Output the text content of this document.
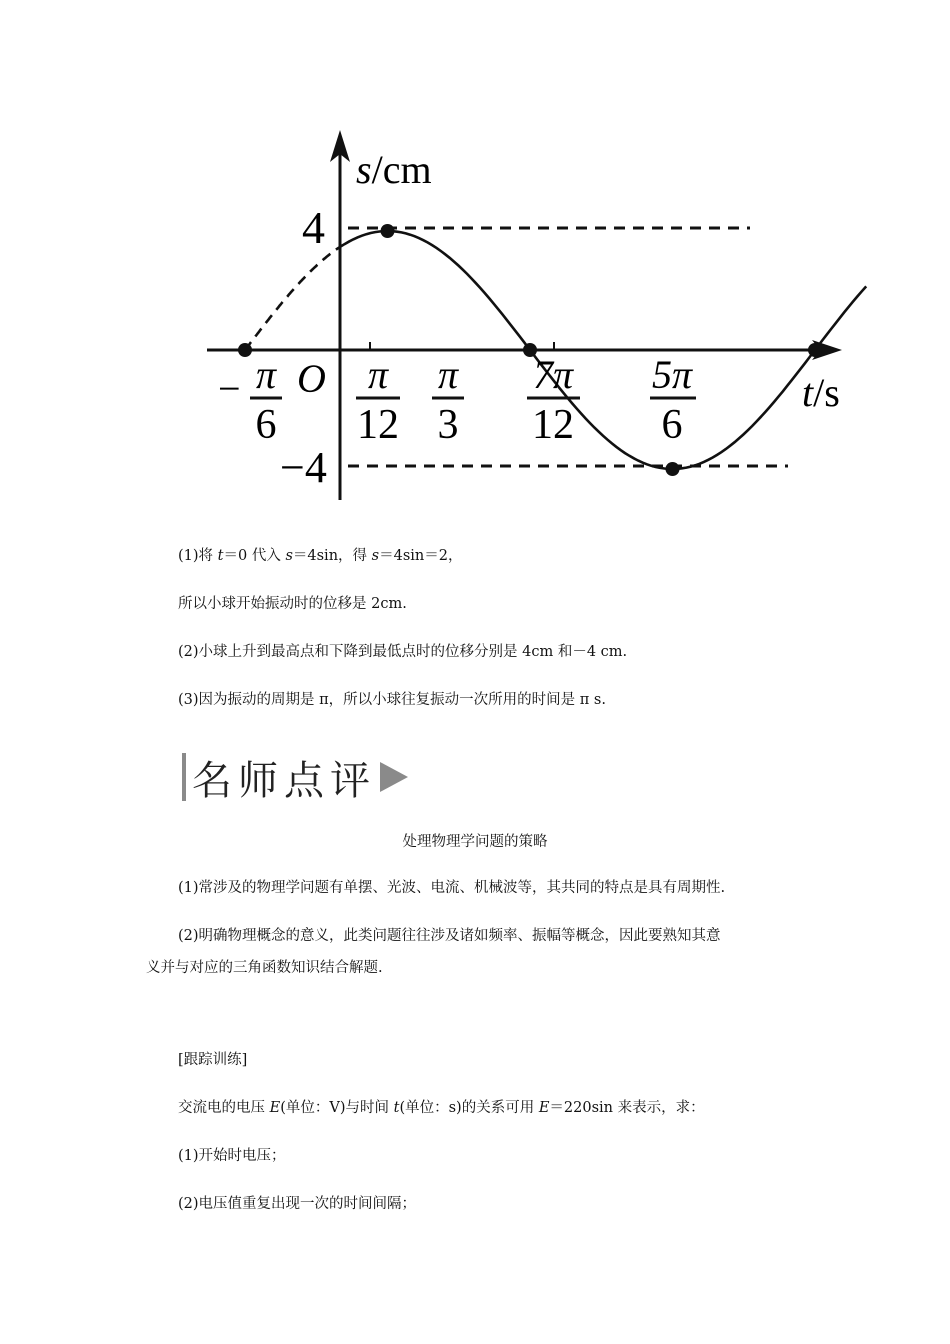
s/cm
t/s
O
4
−4
− π
6
π
12
π
3
7π
12
5π
6
(1)将 t＝0 代入 s＝4sin，得 s＝4sin＝2，
所以小球开始振动时的位移是 2cm.
(2)小球上升到最高点和下降到最低点时的位移分别是 4cm 和－4 cm.
(3)因为振动的周期是 π，所以小球往复振动一次所用的时间是 π s.
名师点评
处理物理学问题的策略
(1)常涉及的物理学问题有单摆、光波、电流、机械波等，其共同的特点是具有周期性.
(2)明确物理概念的意义，此类问题往往涉及诸如频率、振幅等概念，因此要熟知其意
义并与对应的三角函数知识结合解题.
[跟踪训练]
交流电的电压 E(单位：V)与时间 t(单位：s)的关系可用 E＝220sin 来表示，求：
(1)开始时电压；
(2)电压值重复出现一次的时间间隔；
